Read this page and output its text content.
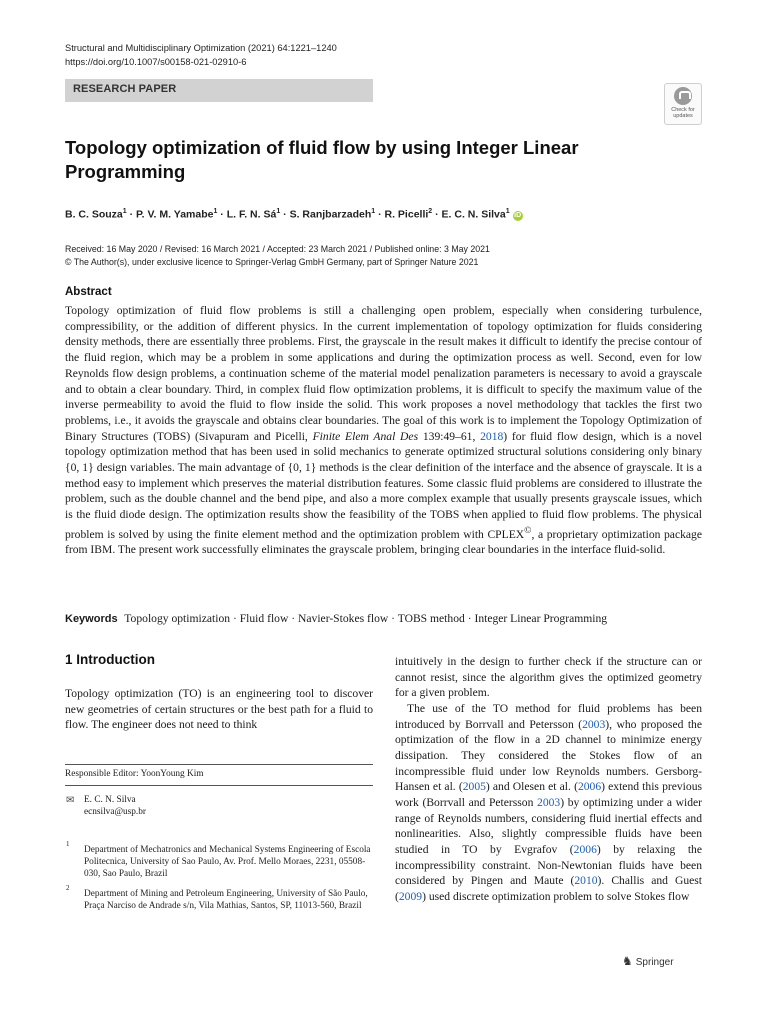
Structural and Multidisciplinary Optimization (2021) 64:1221–1240
https://doi.org/10.1007/s00158-021-02910-6
RESEARCH PAPER
Check for updates
Topology optimization of fluid flow by using Integer Linear Programming
B. C. Souza$^1$ · P. V. M. Yamabe$^1$ · L. F. N. $Sá^1 \cdot S$. Ranjbarzadeh$^1$ · R. Picelli$^2$ · E. C. N. Silva$^1$ iD
Received: 16 May 2020 / Revised: 16 March 2021 / Accepted: 23 March 2021 / Published online: 3 May 2021
© The Author(s), under exclusive licence to Springer-Verlag GmbH Germany, part of Springer Nature 2021
Abstract
Topology optimization of fluid flow problems is still a challenging open problem, especially when considering turbulence, compressibility, or the addition of different physics. In the current implementation of topology optimization for fluids considering density methods, there are essentially three problems. First, the grayscale in the result makes it difficult to identify the precise contour of the fluid region, which may be a problem in some applications and during the optimization process as well. Second, even for low Reynolds flow design problems, a continuation scheme of the material model penalization parameters is necessary to avoid a grayscale and to obtain a clear boundary. Third, in complex fluid flow optimization problems, it is difficult to specify the maximum value of the inverse permeability to avoid the fluid to flow inside the solid. This work proposes a novel methodology that tackles the first two problems, i.e., it avoids the grayscale and obtains clear boundaries. The goal of this work is to implement the Topology Optimization of Binary Structures (TOBS) (Sivapuram and Picelli, Finite Elem Anal Des 139:49–61, 2018) for fluid flow design, which is a novel topology optimization method that has been used in solid mechanics to generate optimized structural solutions considering only binary {0, 1} design variables. The main advantage of {0, 1} methods is the clear definition of the interface and the absence of grayscale. It is a method easy to implement which preserves the material distribution features. Some classic fluid problems are considered to illustrate the problem, such as the double channel and the bend pipe, and also a more complex example that usually presents grayscale issues, which is the fluid diode design. The optimization results show the feasibility of the TOBS when applied to fluid flow problems. The physical problem is solved by using the finite element method and the optimization problem with CPLEX©, a proprietary optimization package from IBM. The present work successfully eliminates the grayscale problem, bringing clear boundaries in the interface fluid-solid.
Keywords Topology optimization · Fluid flow · Navier-Stokes flow · TOBS method · Integer Linear Programming
1 Introduction
Topology optimization (TO) is an engineering tool to discover new geometries of certain structures or the best path for a fluid to flow. The engineer does not need to think
Responsible Editor: YoonYoung Kim
✉ E. C. N. Silva
ecnsilva@usp.br
1
Department of Mechatronics and Mechanical Systems Engineering of Escola Politecnica, University of Sao Paulo, Av. Prof. Mello Moraes, 2231, 05508-030, Sao Paulo, Brazil
2
Department of Mining and Petroleum Engineering, University of São Paulo, Praça Narciso de Andrade s/n, Vila Mathias, Santos, SP, 11013-560, Brazil

intuitively in the design to further check if the structure can or cannot resist, since the algorithm gives the optimized geometry for a given problem.

The use of the TO method for fluid problems has been introduced by Borrvall and Petersson (2003), who proposed the optimization of the flow in a 2D channel to minimize energy dissipation. They considered the Stokes flow of an incompressible fluid under low Reynolds numbers. Gersborg-Hansen et al. (2005) and Olesen et al. (2006) extend this previous work (Borrvall and Petersson 2003) by optimizing under a wider range of Reynolds numbers, considering fluid inertial effects and nonlinearities. Also, slightly compressible fluids have been studied in TO by Evgrafov (2006) by relaxing the incompressibility constraint. Non-Newtonian fluids have been considered by Pingen and Maute (2010). Challis and Guest (2009) used discrete optimization problem to solve Stokes flow

♞ Springer
